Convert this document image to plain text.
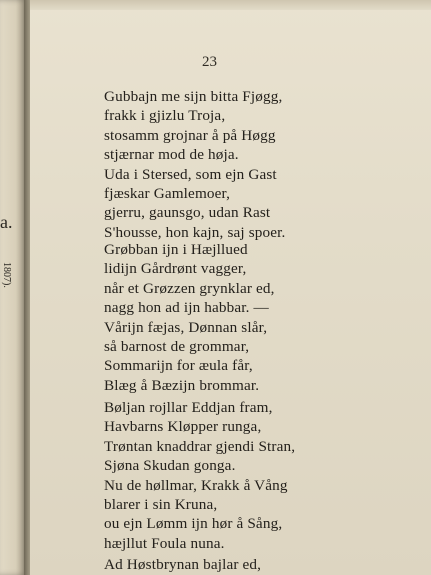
a.
1807).
23
Gubbajn me sijn bitta Fjøgg,
frakk i gjizlu Troja,
stosamm grojnar å på Høgg
stjærnar mod de høja.
Uda i Stersed, som ejn Gast
fjæskar Gamlemoer,
gjerru, gaunsgo, udan Rast
S'housse, hon kajn, saj spoer.
Grøbban ijn i Hæjllued
lidijn Gårdrønt vagger,
når et Grøzzen grynklar ed,
nagg hon ad ijn habbar. —
Vårijn fæjas, Dønnan slår,
så barnost de grommar,
Sommarijn for æula får,
Blæg å Bæzijn brommar.
Bøljan rojllar Eddjan fram,
Havbarns Kløpper runga,
Trøntan knaddrar gjendi Stran,
Sjøna Skudan gonga.
Nu de høllmar, Krakk å Vång
blarer i sin Kruna,
ou ejn Lømm ijn hør å Sång,
hæjllut Foula nuna.
Ad Høstbrynan bajlar ed,
